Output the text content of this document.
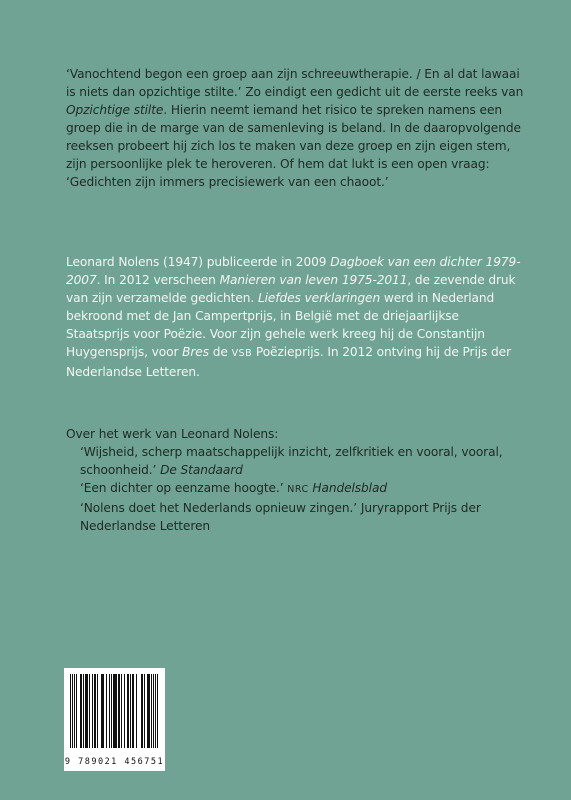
‘Vanochtend begon een groep aan zijn schreeuwtherapie. / En al dat lawaai is niets dan opzichtige stilte.’ Zo eindigt een gedicht uit de eerste reeks van Opzichtige stilte. Hierin neemt iemand het risico te spreken namens een groep die in de marge van de samenleving is beland. In de daaropvolgende reeksen probeert hij zich los te maken van deze groep en zijn eigen stem, zijn persoonlijke plek te heroveren. Of hem dat lukt is een open vraag: ‘Gedichten zijn immers precisiewerk van een chaoot.’

Leonard Nolens (1947) publiceerde in 2009 Dagboek van een dichter 1979-2007. In 2012 verscheen Manieren van leven 1975-2011, de zevende druk van zijn verzamelde gedichten. Liefdes verklaringen werd in Nederland bekroond met de Jan Campertprijs, in België met de driejaarlijkse Staatsprijs voor Poëzie. Voor zijn gehele werk kreeg hij de Constantijn Huygensprijs, voor Bres de VSB Poëzieprijs. In 2012 ontving hij de Prijs der Nederlandse Letteren.

Over het werk van Leonard Nolens:

‘Wijsheid, scherp maatschappelijk inzicht, zelfkritiek en vooral, vooral, schoonheid.’ De Standaard

‘Een dichter op eenzame hoogte.’ NRC Handelsblad

‘Nolens doet het Nederlands opnieuw zingen.’ Juryrapport Prijs der Nederlandse Letteren

9 789021 456751
